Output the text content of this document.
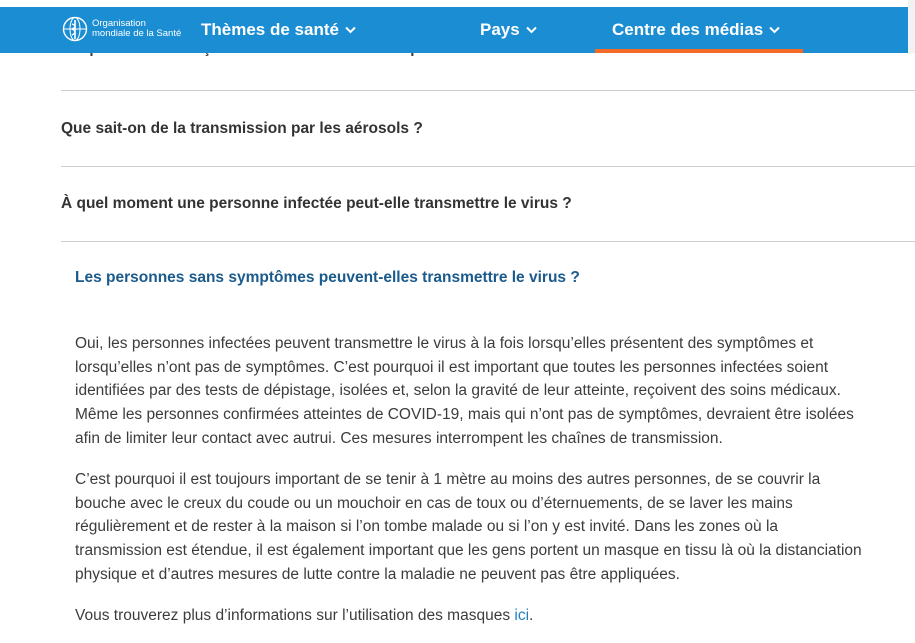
Que sait-on de la transmission par les aérosols ?

À quel moment une personne infectée peut-elle transmettre le virus ?

Les personnes sans symptômes peuvent-elles transmettre le virus ?

Oui, les personnes infectées peuvent transmettre le virus à la fois lorsqu’elles présentent des symptômes et
lorsqu’elles n’ont pas de symptômes. C’est pourquoi il est important que toutes les personnes infectées soient
identifiées par des tests de dépistage, isolées et, selon la gravité de leur atteinte, reçoivent des soins médicaux.
Même les personnes confirmées atteintes de COVID-19, mais qui n’ont pas de symptômes, devraient être isolées
afin de limiter leur contact avec autrui. Ces mesures interrompent les chaînes de transmission.
C’est pourquoi il est toujours important de se tenir à 1 mètre au moins des autres personnes, de se couvrir la
bouche avec le creux du coude ou un mouchoir en cas de toux ou d’éternuements, de se laver les mains
régulièrement et de rester à la maison si l’on tombe malade ou si l’on y est invité. Dans les zones où la
transmission est étendue, il est également important que les gens portent un masque en tissu là où la distanciation
physique et d’autres mesures de lutte contre la maladie ne peuvent pas être appliquées.

Vous trouverez plus d’informations sur l’utilisation des masques ici.

Organisation
mondiale de la Santé Thèmes de santé	Pays	Centre des médias
